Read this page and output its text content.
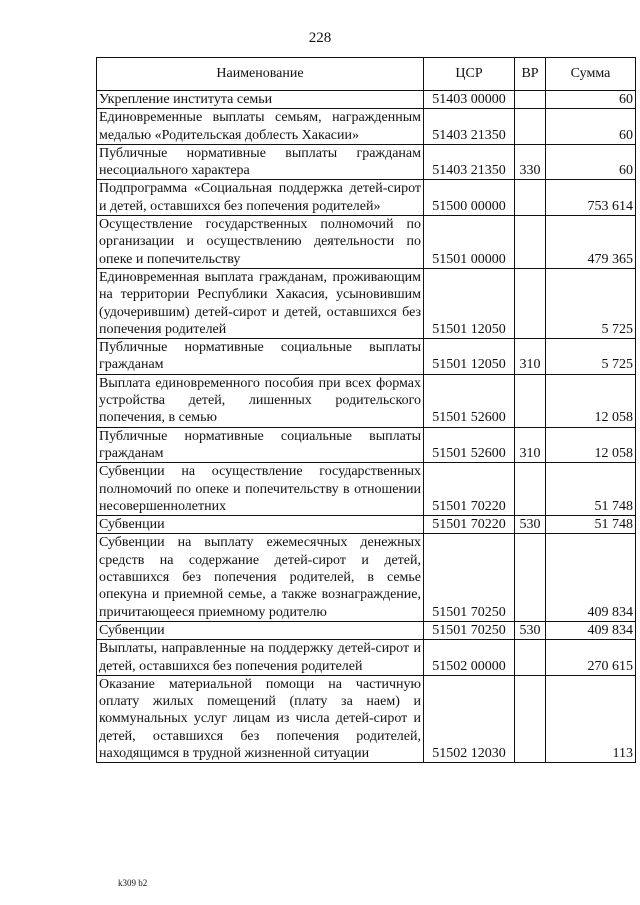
228
Наименование	ЦСР	ВР	Сумма
Укрепление института семьи	51403 00000		60
Единовременные выплаты семьям, награжденным медалью «Родительская доблесть Хакасии»	51403 21350		60
Публичные нормативные выплаты гражданам несоциального характера	51403 21350	330	60
Подпрограмма «Социальная поддержка детей-сирот и детей, оставшихся без попечения родителей»	51500 00000		753 614
Осуществление государственных полномочий по организации и осуществлению деятельности по опеке и попечительству	51501 00000		479 365
Единовременная выплата гражданам, проживающим на территории Республики Хакасия, усыновившим (удочерившим) детей-сирот и детей, оставшихся без попечения родителей	51501 12050		5 725
Публичные нормативные социальные выплаты гражданам	51501 12050	310	5 725
Выплата единовременного пособия при всех формах устройства детей, лишенных родительского попечения, в семью	51501 52600		12 058
Публичные нормативные социальные выплаты гражданам	51501 52600	310	12 058
Субвенции на осуществление государственных полномочий по опеке и попечительству в отношении несовершеннолетних	51501 70220		51 748
Субвенции	51501 70220	530	51 748
Субвенции на выплату ежемесячных денежных средств на содержание детей-сирот и детей, оставшихся без попечения родителей, в семье опекуна и приемной семье, а также вознаграждение, причитающееся приемному родителю	51501 70250		409 834
Субвенции	51501 70250	530	409 834
Выплаты, направленные на поддержку детей-сирот и детей, оставшихся без попечения родителей	51502 00000		270 615
Оказание материальной помощи на частичную оплату жилых помещений (плату за наем) и коммунальных услуг лицам из числа детей-сирот и детей, оставшихся без попечения родителей, находящимся в трудной жизненной ситуации	51502 12030		113
k309 b2
